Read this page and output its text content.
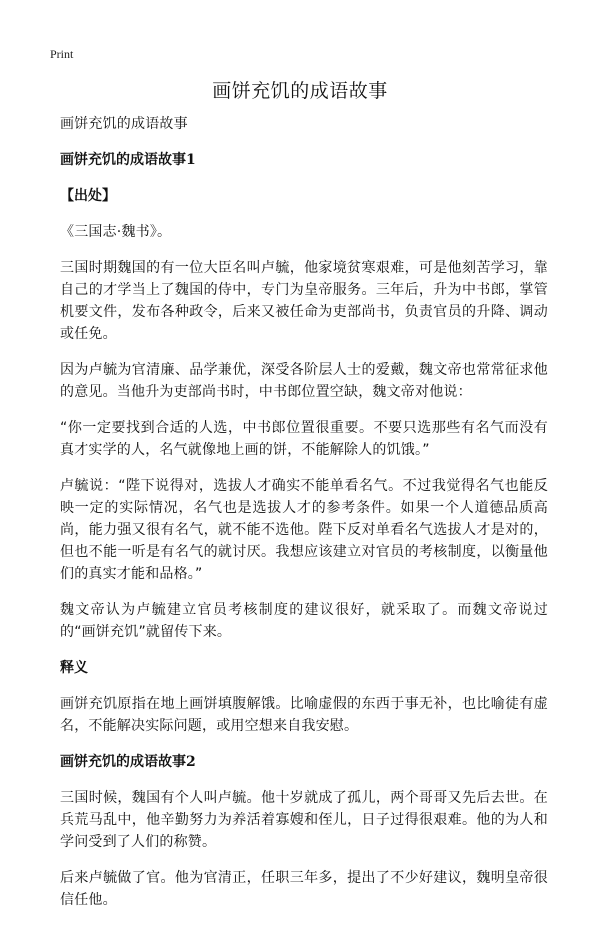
Print
画饼充饥的成语故事

画饼充饥的成语故事

画饼充饥的成语故事1

【出处】

《三国志·魏书》。

三国时期魏国的有一位大臣名叫卢毓，他家境贫寒艰难，可是他刻苦学习，靠自己的才学当上了魏国的侍中，专门为皇帝服务。三年后，升为中书郎，掌管机要文件，发布各种政令，后来又被任命为吏部尚书，负责官员的升降、调动或任免。

因为卢毓为官清廉、品学兼优，深受各阶层人士的爱戴，魏文帝也常常征求他的意见。当他升为吏部尚书时，中书郎位置空缺，魏文帝对他说：

“你一定要找到合适的人选，中书郎位置很重要。不要只选那些有名气而没有真才实学的人，名气就像地上画的饼，不能解除人的饥饿。”

卢毓说：“陛下说得对，选拔人才确实不能单看名气。不过我觉得名气也能反映一定的实际情况，名气也是选拔人才的参考条件。如果一个人道德品质高尚，能力强又很有名气，就不能不选他。陛下反对单看名气选拔人才是对的，但也不能一听是有名气的就讨厌。我想应该建立对官员的考核制度，以衡量他们的真实才能和品格。”

魏文帝认为卢毓建立官员考核制度的建议很好，就采取了。而魏文帝说过的“画饼充饥”就留传下来。

释义

画饼充饥原指在地上画饼填腹解饿。比喻虚假的东西于事无补，也比喻徒有虚名，不能解决实际问题，或用空想来自我安慰。

画饼充饥的成语故事2

三国时候，魏国有个人叫卢毓。他十岁就成了孤儿，两个哥哥又先后去世。在兵荒马乱中，他辛勤努力为养活着寡嫂和侄儿，日子过得很艰难。他的为人和学问受到了人们的称赞。

后来卢毓做了官。他为官清正，任职三年多，提出了不少好建议，魏明皇帝很信任他。
